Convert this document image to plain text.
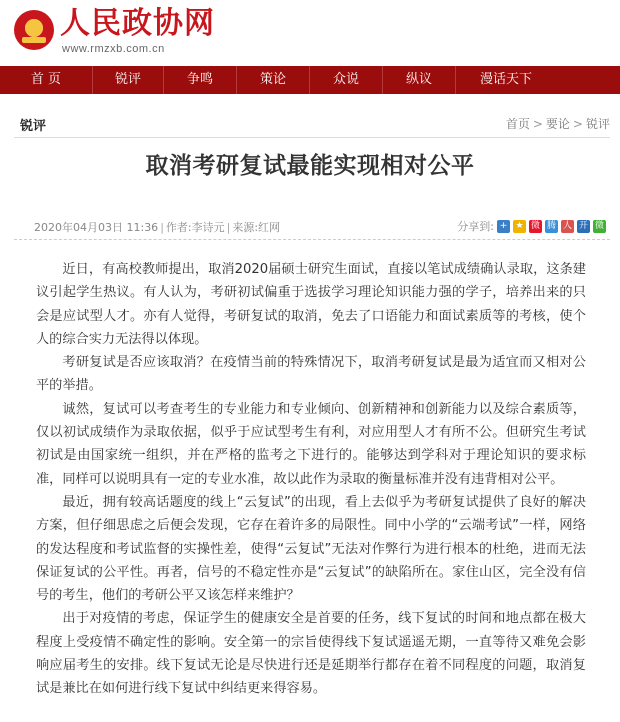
人民政协网
www.rmzxb.com.cn
首 页	锐评	争鸣	策论	众说	纵议	漫话天下
锐评	首页 > 要论 > 锐评
取消考研复试最能实现相对公平
2020年04月03日 11:36 | 作者:李诗元 | 来源:红网	分享到: + ★ 微 腾 人 开 微

近日，有高校教师提出，取消2020届硕士研究生面试，直接以笔试成绩确认录取，这条建议引起学生热议。有人认为，考研初试偏重于选拔学习理论知识能力强的学子，培养出来的只会是应试型人才。亦有人觉得，考研复试的取消，免去了口语能力和面试素质等的考核，使个人的综合实力无法得以体现。

考研复试是否应该取消？在疫情当前的特殊情况下，取消考研复试是最为适宜而又相对公平的举措。

诚然，复试可以考查考生的专业能力和专业倾向、创新精神和创新能力以及综合素质等，仅以初试成绩作为录取依据，似乎于应试型考生有利，对应用型人才有所不公。但研究生考试初试是由国家统一组织，并在严格的监考之下进行的。能够达到学科对于理论知识的要求标准，同样可以说明具有一定的专业水准，故以此作为录取的衡量标准并没有违背相对公平。

最近，拥有较高话题度的线上“云复试”的出现，看上去似乎为考研复试提供了良好的解决方案，但仔细思虑之后便会发现，它存在着许多的局限性。同中小学的“云端考试”一样，网络的发达程度和考试监督的实操性差，使得“云复试”无法对作弊行为进行根本的杜绝，进而无法保证复试的公平性。再者，信号的不稳定性亦是“云复试”的缺陷所在。家住山区，完全没有信号的考生，他们的考研公平又该怎样来维护？

出于对疫情的考虑，保证学生的健康安全是首要的任务，线下复试的时间和地点都在极大程度上受疫情不确定性的影响。安全第一的宗旨使得线下复试遥遥无期，一直等待又难免会影响应届考生的安排。线下复试无论是尽快进行还是延期举行都存在着不同程度的问题，取消复试是兼比在如何进行线下复试中纠结更来得容易。
